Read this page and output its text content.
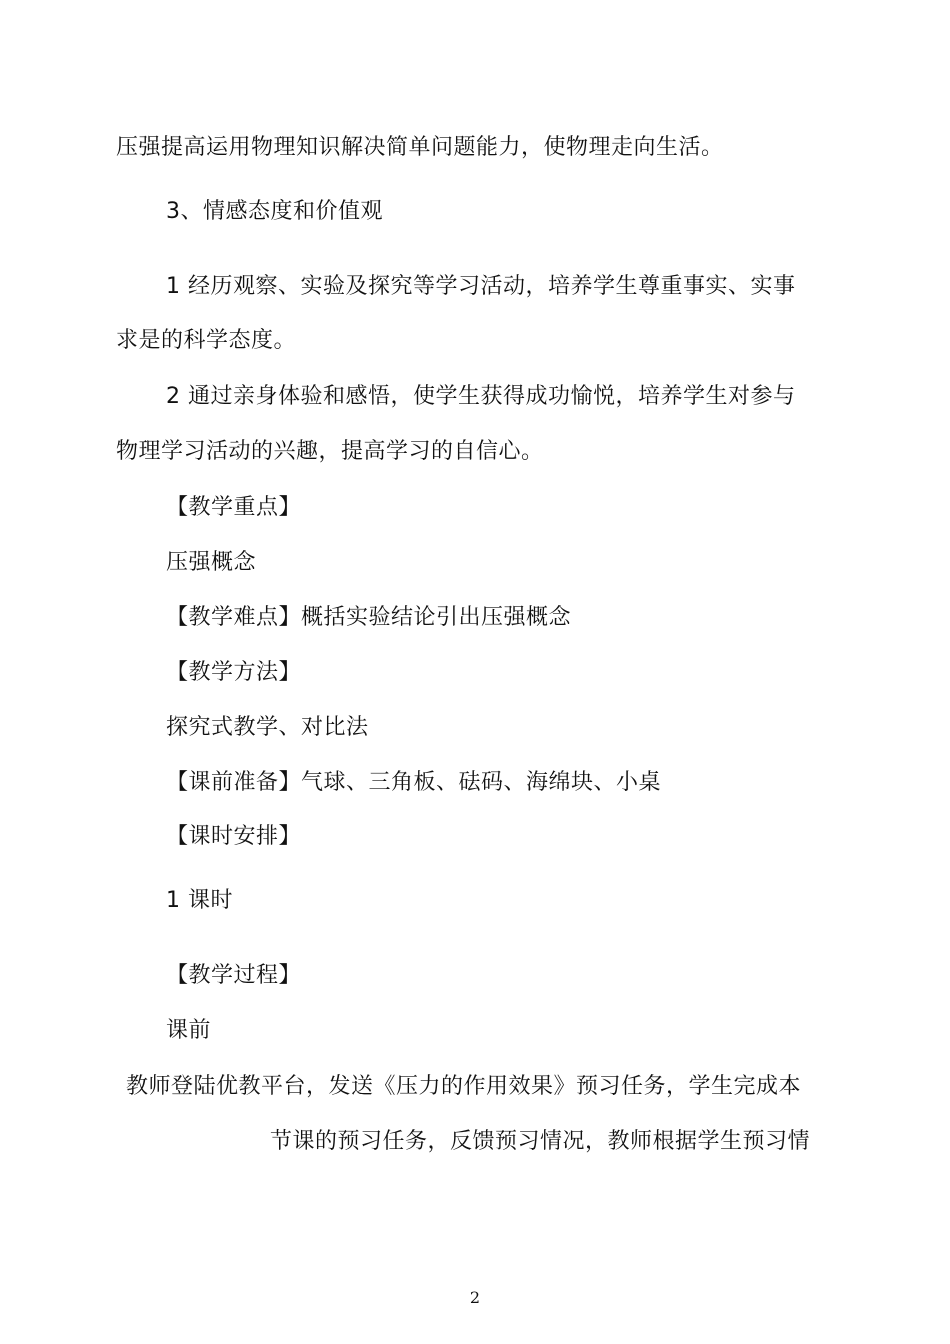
压强提高运用物理知识解决简单问题能力，使物理走向生活。
3、情感态度和价值观
1 经历观察、实验及探究等学习活动，培养学生尊重事实、实事
求是的科学态度。
2 通过亲身体验和感悟，使学生获得成功愉悦，培养学生对参与
物理学习活动的兴趣，提高学习的自信心。
【教学重点】
压强概念
【教学难点】概括实验结论引出压强概念
【教学方法】
探究式教学、对比法
【课前准备】气球、三角板、砝码、海绵块、小桌
【课时安排】
1 课时
【教学过程】
课前
教师登陆优教平台，发送《压力的作用效果》预习任务，学生完成本
节课的预习任务，反馈预习情况，教师根据学生预习情
2
